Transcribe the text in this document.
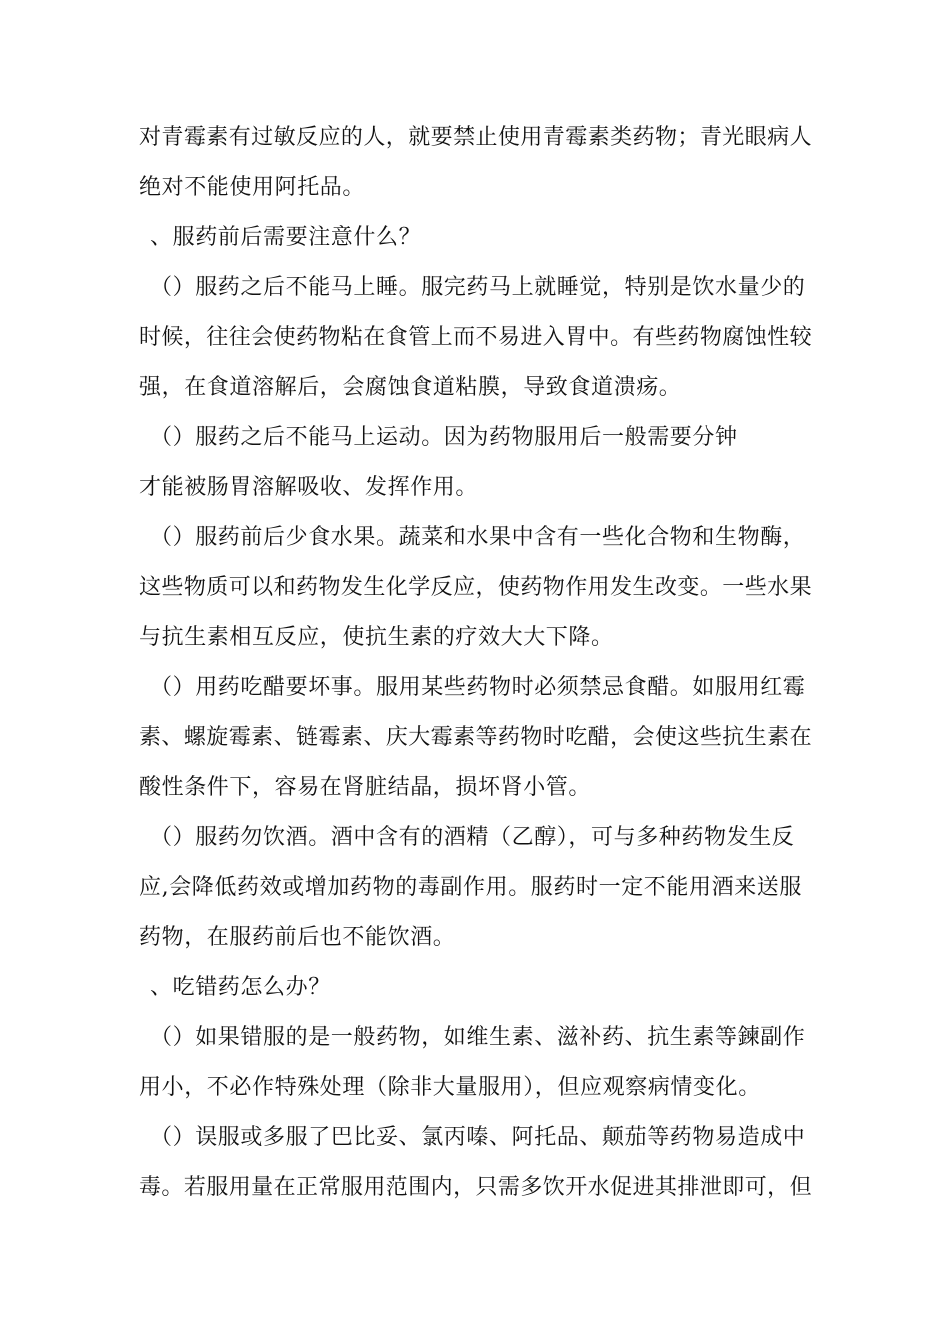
对青霉素有过敏反应的人，就要禁止使用青霉素类药物；青光眼病人
绝对不能使用阿托品。
、服药前后需要注意什么？
（）服药之后不能马上睡。服完药马上就睡觉，特别是饮水量少的
时候，往往会使药物粘在食管上而不易进入胃中。有些药物腐蚀性较
强，在食道溶解后，会腐蚀食道粘膜，导致食道溃疡。
（）服药之后不能马上运动。因为药物服用后一般需要分钟
才能被肠胃溶解吸收、发挥作用。
（）服药前后少食水果。蔬菜和水果中含有一些化合物和生物酶，
这些物质可以和药物发生化学反应，使药物作用发生改变。一些水果
与抗生素相互反应，使抗生素的疗效大大下降。
（）用药吃醋要坏事。服用某些药物时必须禁忌食醋。如服用红霉
素、螺旋霉素、链霉素、庆大霉素等药物时吃醋，会使这些抗生素在
酸性条件下，容易在肾脏结晶，损坏肾小管。
（）服药勿饮酒。酒中含有的酒精（乙醇），可与多种药物发生反
应,会降低药效或增加药物的毒副作用。服药时一定不能用酒来送服
药物，在服药前后也不能饮酒。
、吃错药怎么办？
（）如果错服的是一般药物，如维生素、滋补药、抗生素等鍊副作
用小，不必作特殊处理（除非大量服用），但应观察病情变化。
（）误服或多服了巴比妥、氯丙嗪、阿托品、颠茄等药物易造成中
毒。若服用量在正常服用范围内，只需多饮开水促进其排泄即可，但
